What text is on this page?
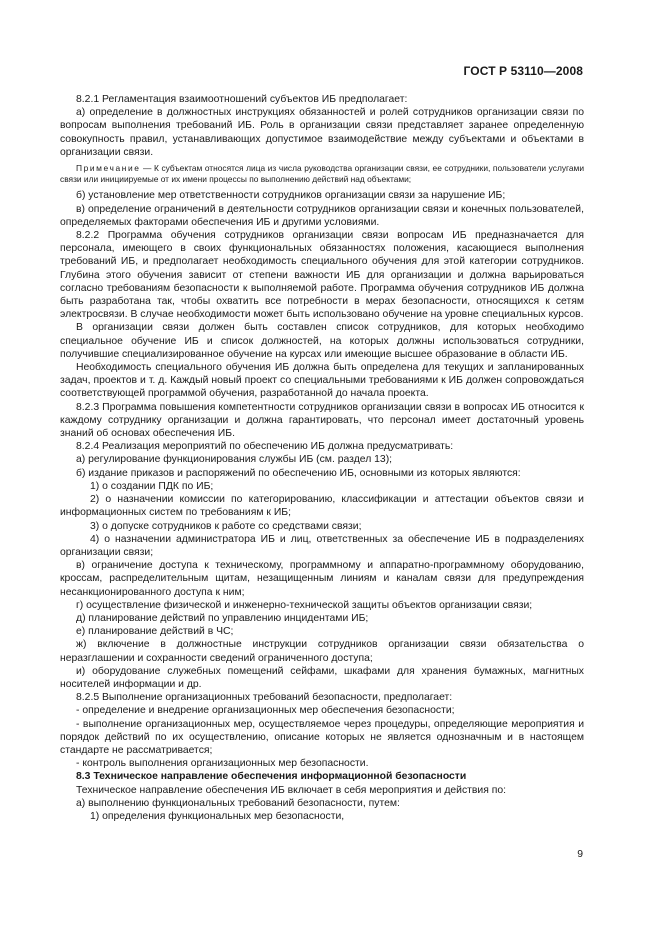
ГОСТ Р 53110—2008

8.2.1 Регламентация взаимоотношений субъектов ИБ предполагает:

а) определение в должностных инструкциях обязанностей и ролей сотрудников организации связи по вопросам выполнения требований ИБ. Роль в организации связи представляет заранее определенную совокупность правил, устанавливающих допустимое взаимодействие между субъектами и объектами в организации связи.

Примечание — К субъектам относятся лица из числа руководства организации связи, ее сотрудники, пользователи услугами связи или инициируемые от их имени процессы по выполнению действий над объектами;

б) установление мер ответственности сотрудников организации связи за нарушение ИБ;

в) определение ограничений в деятельности сотрудников организации связи и конечных пользователей, определяемых факторами обеспечения ИБ и другими условиями.

8.2.2 Программа обучения сотрудников организации связи вопросам ИБ предназначается для персонала, имеющего в своих функциональных обязанностях положения, касающиеся выполнения требований ИБ, и предполагает необходимость специального обучения для этой категории сотрудников. Глубина этого обучения зависит от степени важности ИБ для организации и должна варьироваться согласно требованиям безопасности к выполняемой работе. Программа обучения сотрудников ИБ должна быть разработана так, чтобы охватить все потребности в мерах безопасности, относящихся к сетям электросвязи. В случае необходимости может быть использовано обучение на уровне специальных курсов.

В организации связи должен быть составлен список сотрудников, для которых необходимо специальное обучение ИБ и список должностей, на которых должны использоваться сотрудники, получившие специализированное обучение на курсах или имеющие высшее образование в области ИБ.

Необходимость специального обучения ИБ должна быть определена для текущих и запланированных задач, проектов и т. д. Каждый новый проект со специальными требованиями к ИБ должен сопровождаться соответствующей программой обучения, разработанной до начала проекта.

8.2.3 Программа повышения компетентности сотрудников организации связи в вопросах ИБ относится к каждому сотруднику организации и должна гарантировать, что персонал имеет достаточный уровень знаний об основах обеспечения ИБ.

8.2.4 Реализация мероприятий по обеспечению ИБ должна предусматривать:

а) регулирование функционирования службы ИБ (см. раздел 13);

б) издание приказов и распоряжений по обеспечению ИБ, основными из которых являются:

1) о создании ПДК по ИБ;

2) о назначении комиссии по категорированию, классификации и аттестации объектов связи и информационных систем по требованиям к ИБ;

3) о допуске сотрудников к работе со средствами связи;

4) о назначении администратора ИБ и лиц, ответственных за обеспечение ИБ в подразделениях организации связи;

в) ограничение доступа к техническому, программному и аппаратно-программному оборудованию, кроссам, распределительным щитам, незащищенным линиям и каналам связи для предупреждения несанкционированного доступа к ним;

г) осуществление физической и инженерно-технической защиты объектов организации связи;

д) планирование действий по управлению инцидентами ИБ;

е) планирование действий в ЧС;

ж) включение в должностные инструкции сотрудников организации связи обязательства о неразглашении и сохранности сведений ограниченного доступа;

и) оборудование служебных помещений сейфами, шкафами для хранения бумажных, магнитных носителей информации и др.

8.2.5 Выполнение организационных требований безопасности, предполагает:

- определение и внедрение организационных мер обеспечения безопасности;

- выполнение организационных мер, осуществляемое через процедуры, определяющие мероприятия и порядок действий по их осуществлению, описание которых не является однозначным и в настоящем стандарте не рассматривается;

- контроль выполнения организационных мер безопасности.

8.3 Техническое направление обеспечения информационной безопасности

Техническое направление обеспечения ИБ включает в себя мероприятия и действия по:

а) выполнению функциональных требований безопасности, путем:

1) определения функциональных мер безопасности,

9
